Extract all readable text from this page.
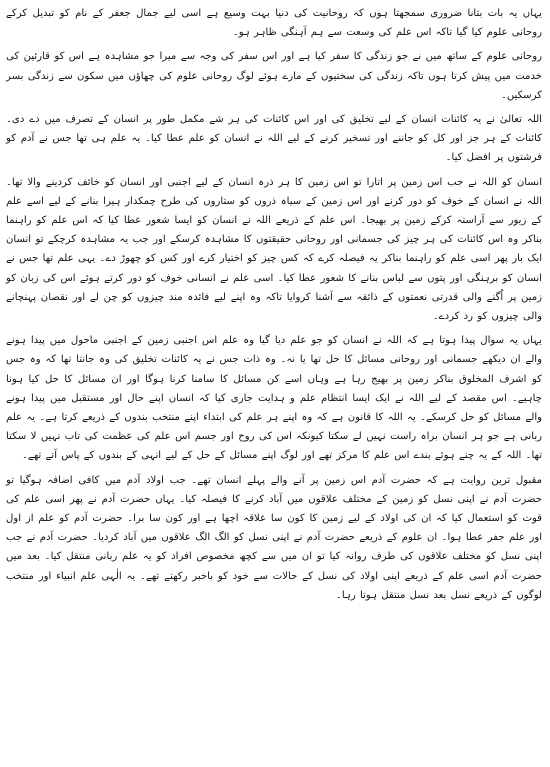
یہاں یہ بات بتانا ضروری سمجھتا ہوں کہ روحانیت کی دنیا بہت وسیع ہے اسی لیے جمال جعفر کے نام کو تبدیل کرکے روحانی علوم کیا گیا تاکہ اس علم کی وسعت سے ہم آہنگی ظاہر ہو۔

روحانی علوم کے ساتھ میں نے جو زندگی کا سفر کیا ہے اور اس سفر کی وجہ سے میرا جو مشاہدہ ہے اس کو قارئین کی خدمت میں پیش کرتا ہوں تاکہ زندگی کی سختیوں کے مارے ہوئے لوگ روحانی علوم کی چھاؤں میں سکون سے زندگی بسر کرسکیں۔

اللہ تعالیٰ نے یہ کائنات انسان کے لیے تخلیق کی اور اس کائنات کی ہر شے مکمل طور پر انسان کے تصرف میں دے دی۔ کائنات کے ہر جز اور کل کو جاننے اور تسخیر کرنے کے لیے اللہ نے انسان کو علم عطا کیا۔ یہ علم ہی تھا جس نے آدم کو فرشتوں پر افضل کیا۔

انسان کو اللہ نے جب اس زمین پر اتارا تو اس زمین کا ہر ذرہ انسان کے لیے اجنبی اور انسان کو خائف کردینے والا تھا۔ اللہ نے انسان کے خوف کو دور کرنے اور اس زمین کے سیاہ ذروں کو ستاروں کی طرح چمکدار ہیرا بنانے کے لیے اسے علم کے زیور سے آراستہ کرکے زمین پر بھیجا۔ اس علم کے ذریعے اللہ نے انسان کو ایسا شعور عطا کیا کہ اس علم کو راہنما بناکر وہ اس کائنات کی ہر چیز کی جسمانی اور روحانی حقیقتوں کا مشاہدہ کرسکے اور جب یہ مشاہدہ کرچکے تو انسان ایک بار پھر اسی علم کو راہنما بناکر یہ فیصلہ کرے کہ کس چیز کو اختیار کرے اور کس کو چھوڑ دے۔ یہی علم تھا جس نے انسان کو برہنگی اور پتوں سے لباس بنانے کا شعور عطا کیا۔ اسی علم نے انسانی خوف کو دور کرتے ہوئے اس کی زبان کو زمین پر اُگنے والی قدرتی نعمتوں کے ذائقہ سے آشنا کروایا تاکہ وہ اپنے لیے فائدہ مند چیزوں کو چن لے اور نقصان پہنچانے والی چیزوں کو رد کردے۔

یہاں یہ سوال پیدا ہوتا ہے کہ اللہ نے انسان کو جو علم دیا گیا وہ علم اس اجنبی زمین کے اجنبی ماحول میں پیدا ہونے والے ان دیکھے جسمانی اور روحانی مسائل کا حل تھا یا نہ۔ وہ ذات جس نے یہ کائنات تخلیق کی وہ جانتا تھا کہ وہ جس کو اشرف المخلوق بناکر زمین پر بھیج رہا ہے وہاں اسے کن مسائل کا سامنا کرنا ہوگا اور ان مسائل کا حل کیا ہونا چاہیے۔ اس مقصد کے لیے اللہ نے ایک ایسا انتظام علم و ہدایت جاری کیا کہ انسان اپنے حال اور مستقبل میں پیدا ہونے والے مسائل کو حل کرسکے۔ یہ اللہ کا قانون ہے کہ وہ اپنے ہر علم کی ابتداء اپنے منتخب بندوں کے ذریعے کرتا ہے۔ یہ علم ربانی ہے جو ہر انسان براہ راست نہیں لے سکتا کیونکہ اس کی روح اور جسم اس علم کی عظمت کی تاب نہیں لا سکتا تھا۔ اللہ کے یہ چنے ہوئے بندے اس علم کا مرکز تھے اور لوگ اپنے مسائل کے حل کے لیے انہی کے بندوں کے پاس آتے تھے۔

مقبول ترین روایت ہے کہ حضرت آدم اس زمین پر آنے والے پہلے انسان تھے۔ جب اولاد آدم میں کافی اضافہ ہوگیا تو حضرت آدم نے اپنی نسل کو زمین کے مختلف علاقوں میں آباد کرنے کا فیصلہ کیا۔ یہاں حضرت آدم نے پھر اسی علم کی قوت کو استعمال کیا کہ ان کی اولاد کے لیے زمین کا کون سا علاقہ اچھا ہے اور کون سا برا۔ حضرت آدم کو علم از اول اور علم جفر عطا ہوا۔ ان علوم کے ذریعے حضرت آدم نے اپنی نسل کو الگ الگ علاقوں میں آباد کردیا۔ حضرت آدم نے جب اپنی نسل کو مختلف علاقوں کی طرف روانہ کیا تو ان میں سے کچھ مخصوص افراد کو یہ علم ربانی منتقل کیا۔ بعد میں حضرت آدم اسی علم کے ذریعے اپنی اولاد کی نسل کے حالات سے خود کو باخبر رکھتے تھے۔ یہ الٰہی علم انبیاء اور منتخب لوگوں کے ذریعے نسل بعد نسل منتقل ہوتا رہا۔
